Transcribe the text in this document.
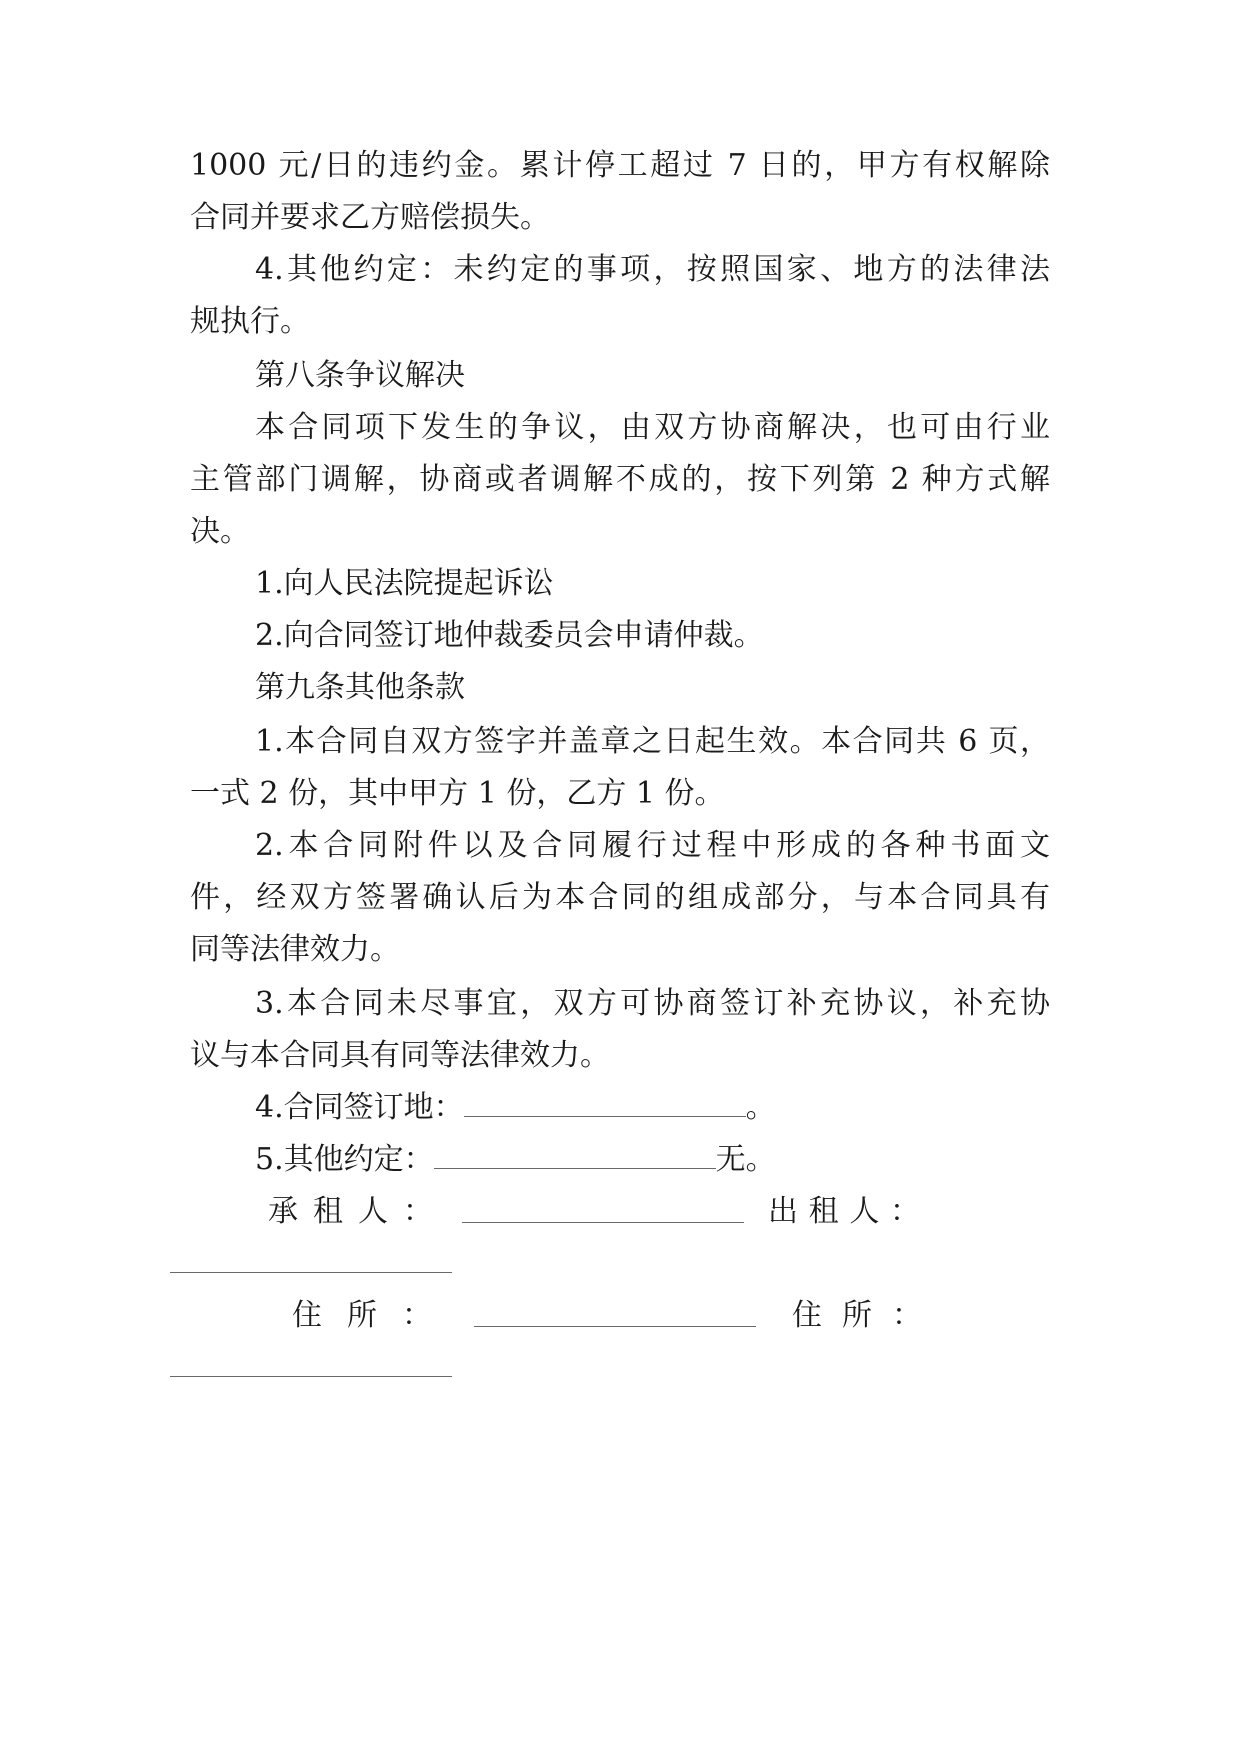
1000 元/日的违约金。累计停工超过 7 日的，甲方有权解除
合同并要求乙方赔偿损失。
4.其他约定：未约定的事项，按照国家、地方的法律法
规执行。
第八条争议解决
本合同项下发生的争议，由双方协商解决，也可由行业
主管部门调解，协商或者调解不成的，按下列第 2 种方式解
决。
1.向人民法院提起诉讼
2.向合同签订地仲裁委员会申请仲裁。
第九条其他条款
1.本合同自双方签字并盖章之日起生效。本合同共 6 页，
一式 2 份，其中甲方 1 份，乙方 1 份。
2.本合同附件以及合同履行过程中形成的各种书面文
件，经双方签署确认后为本合同的组成部分，与本合同具有
同等法律效力。
3.本合同未尽事宜，双方可协商签订补充协议，补充协
议与本合同具有同等法律效力。
4.合同签订地：	。
5.其他约定：	无。
承租人：	出租人：
住所：	住所：
